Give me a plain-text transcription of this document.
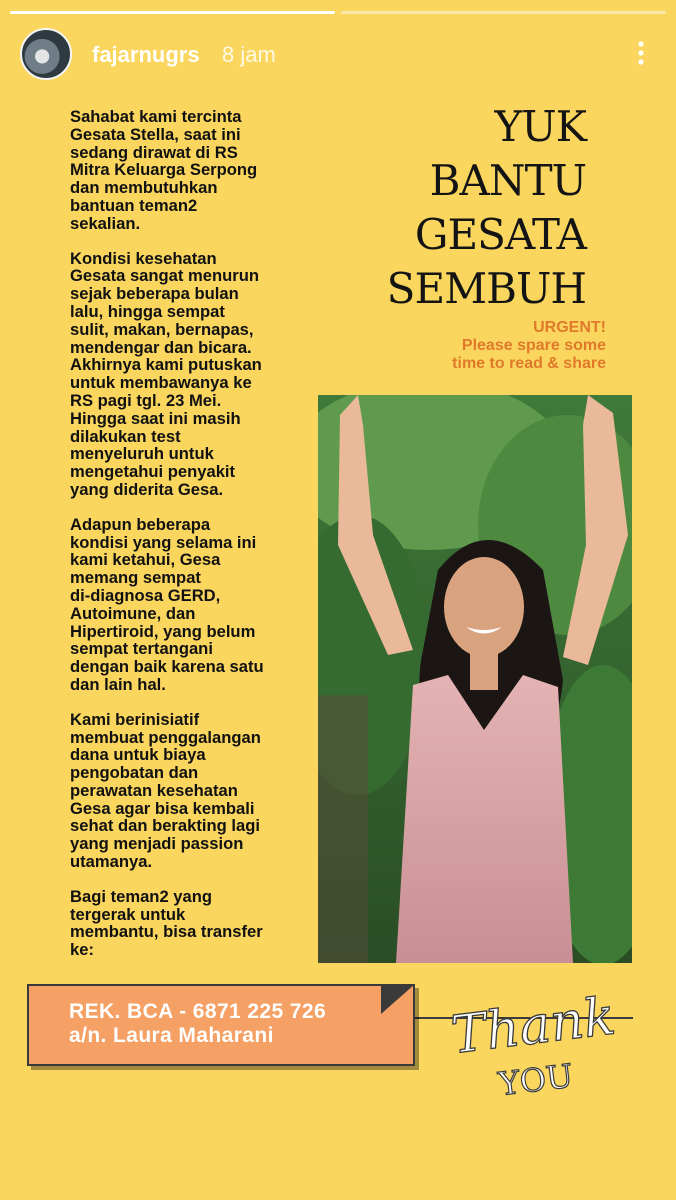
fajarnugrs 8 jam

Sahabat kami tercinta
Gesata Stella, saat ini
sedang dirawat di RS
Mitra Keluarga Serpong
dan membutuhkan
bantuan teman2
sekalian.

Kondisi kesehatan
Gesata sangat menurun
sejak beberapa bulan
lalu, hingga sempat
sulit, makan, bernapas,
mendengar dan bicara.
Akhirnya kami putuskan
untuk membawanya ke
RS pagi tgl. 23 Mei.
Hingga saat ini masih
dilakukan test
menyeluruh untuk
mengetahui penyakit
yang diderita Gesa.

Adapun beberapa
kondisi yang selama ini
kami ketahui, Gesa
memang sempat
di-diagnosa GERD,
Autoimune, dan
Hipertiroid, yang belum
sempat tertangani
dengan baik karena satu
dan lain hal.

Kami berinisiatif
membuat penggalangan
dana untuk biaya
pengobatan dan
perawatan kesehatan
Gesa agar bisa kembali
sehat dan berakting lagi
yang menjadi passion
utamanya.

Bagi teman2 yang
tergerak untuk
membantu, bisa transfer
ke:

YUK
BANTU
GESATA
SEMBUH
URGENT!
Please spare some
time to read & share
REK. BCA - 6871 225 726
a/n. Laura Maharani	Thank
YOU
